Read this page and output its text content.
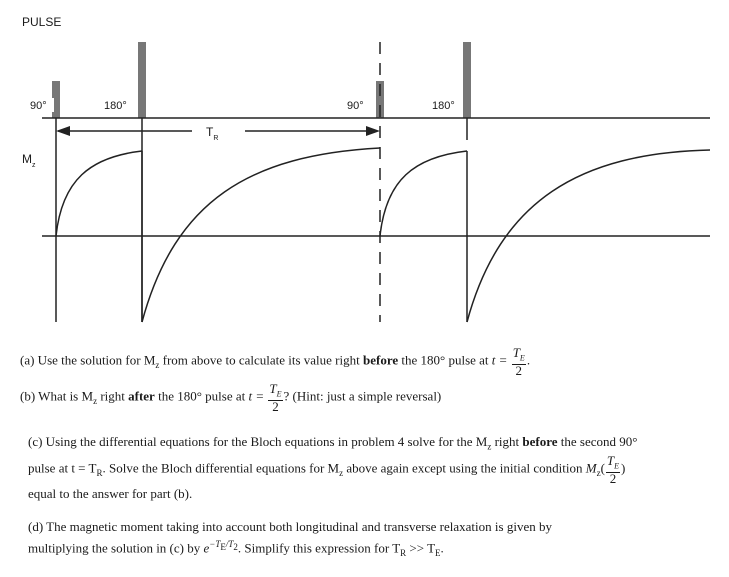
PULSE
90°	180°	90°	180°
$T_R$
$M_z$
(a) Use the solution for $M_z$ from above to calculate its value right before the 180° pulse at $t = \frac{T_E}{2}$ .
(b) What is $M_z$ right after the 180° pulse at $t = \frac{T_E}{2}$ ? (Hint: just a simple reversal)
(c) Using the differential equations for the Bloch equations in problem 4 solve for the $M_z$ right before the second 90°
pulse at $t = T_R$. Solve the Bloch differential equations for $M_z$ above again except using the initial condition $M_z( \frac{T_E}{2}$ )
equal to the answer for part (b).
(d) The magnetic moment taking into account both longitudinal and transverse relaxation is given by
multiplying the solution in (c) by $e^{-T_E/T_2}$. Simplify this expression for $T_R >> T_E$.
